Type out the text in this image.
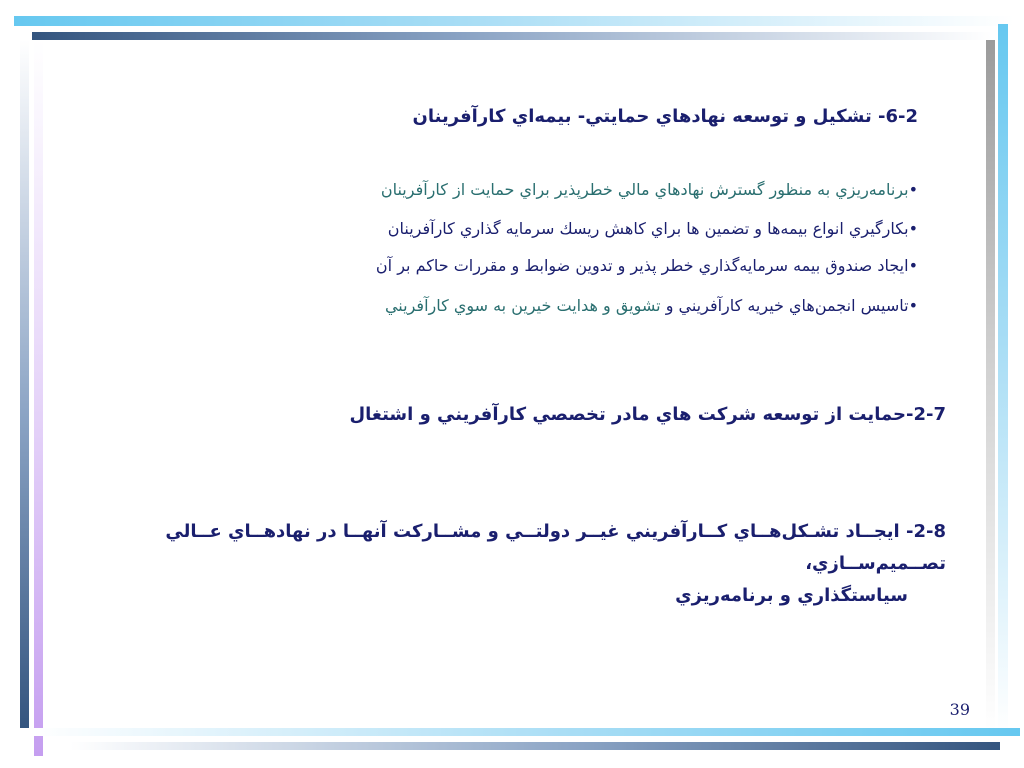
6-2- تشكيل و توسعه نهادهاي حمايتي- بيمه‌اي كارآفرينان
•برنامه‌ريزي به منظور گسترش نهادهاي مالي خطرپذير براي حمايت از كارآفرينان
•بكارگيري انواع بيمه‌ها و تضمين ها براي كاهش ريسك سرمايه گذاري كارآفرينان
•ايجاد صندوق بيمه سرمايه‌گذاري خطر پذير و تدوين ضوابط و مقررات حاكم بر آن
•تاسيس انجمن‌هاي خيريه كارآفريني و تشويق و هدايت خيرين به سوي كارآفريني
2-7-حمايت از توسعه شركت هاي مادر تخصصي كارآفريني و اشتغال
2-8- ايجــاد تشـكل‌هــاي كــارآفريني غيــر دولتــي و مشــاركت آنهــا در نهادهــاي عــالي تصــميم‌ســازي،
سياستگذاري و برنامه‌ريزي
39
